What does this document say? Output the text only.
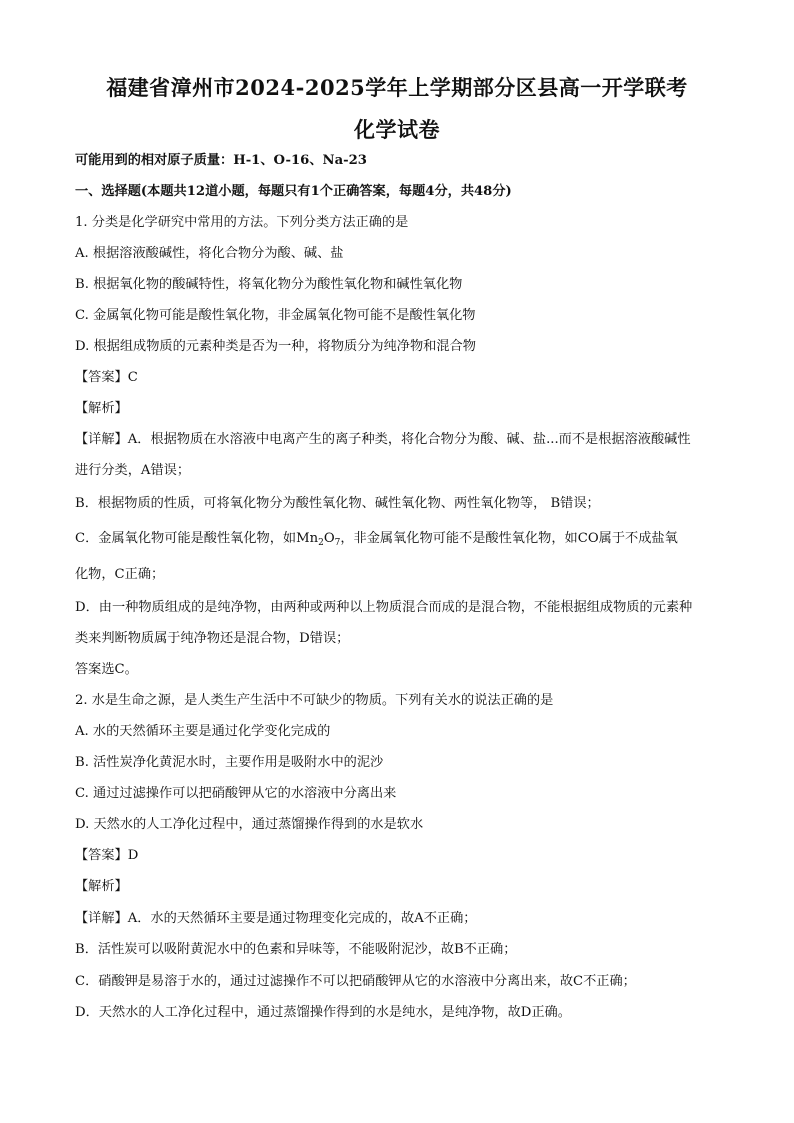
福建省漳州市2024-2025学年上学期部分区县高一开学联考
化学试卷
可能用到的相对原子质量：H-1、O-16、Na-23
一、选择题(本题共12道小题，每题只有1个正确答案，每题4分，共48分)
1. 分类是化学研究中常用的方法。下列分类方法正确的是
A. 根据溶液酸碱性，将化合物分为酸、碱、盐
B. 根据氧化物的酸碱特性，将氧化物分为酸性氧化物和碱性氧化物
C. 金属氧化物可能是酸性氧化物，非金属氧化物可能不是酸性氧化物
D. 根据组成物质的元素种类是否为一种，将物质分为纯净物和混合物
【答案】C
【解析】
【详解】A．根据物质在水溶液中电离产生的离子种类，将化合物分为酸、碱、盐...而不是根据溶液酸碱性
进行分类，A错误；
B．根据物质的性质，可将氧化物分为酸性氧化物、碱性氧化物、两性氧化物等， B错误；
C．金属氧化物可能是酸性氧化物，如$Mn_2O_7$，非金属氧化物可能不是酸性氧化物，如CO属于不成盐氧
化物，C正确；
D．由一种物质组成的是纯净物，由两种或两种以上物质混合而成的是混合物，不能根据组成物质的元素种
类来判断物质属于纯净物还是混合物，D错误；
答案选C。
2. 水是生命之源，是人类生产生活中不可缺少的物质。下列有关水的说法正确的是
A. 水的天然循环主要是通过化学变化完成的
B. 活性炭净化黄泥水时，主要作用是吸附水中的泥沙
C. 通过过滤操作可以把硝酸钾从它的水溶液中分离出来
D. 天然水的人工净化过程中，通过蒸馏操作得到的水是软水
【答案】D
【解析】
【详解】A．水的天然循环主要是通过物理变化完成的，故A不正确；
B．活性炭可以吸附黄泥水中的色素和异味等，不能吸附泥沙，故B不正确；
C．硝酸钾是易溶于水的，通过过滤操作不可以把硝酸钾从它的水溶液中分离出来，故C不正确；
D．天然水的人工净化过程中，通过蒸馏操作得到的水是纯水，是纯净物，故D正确。
